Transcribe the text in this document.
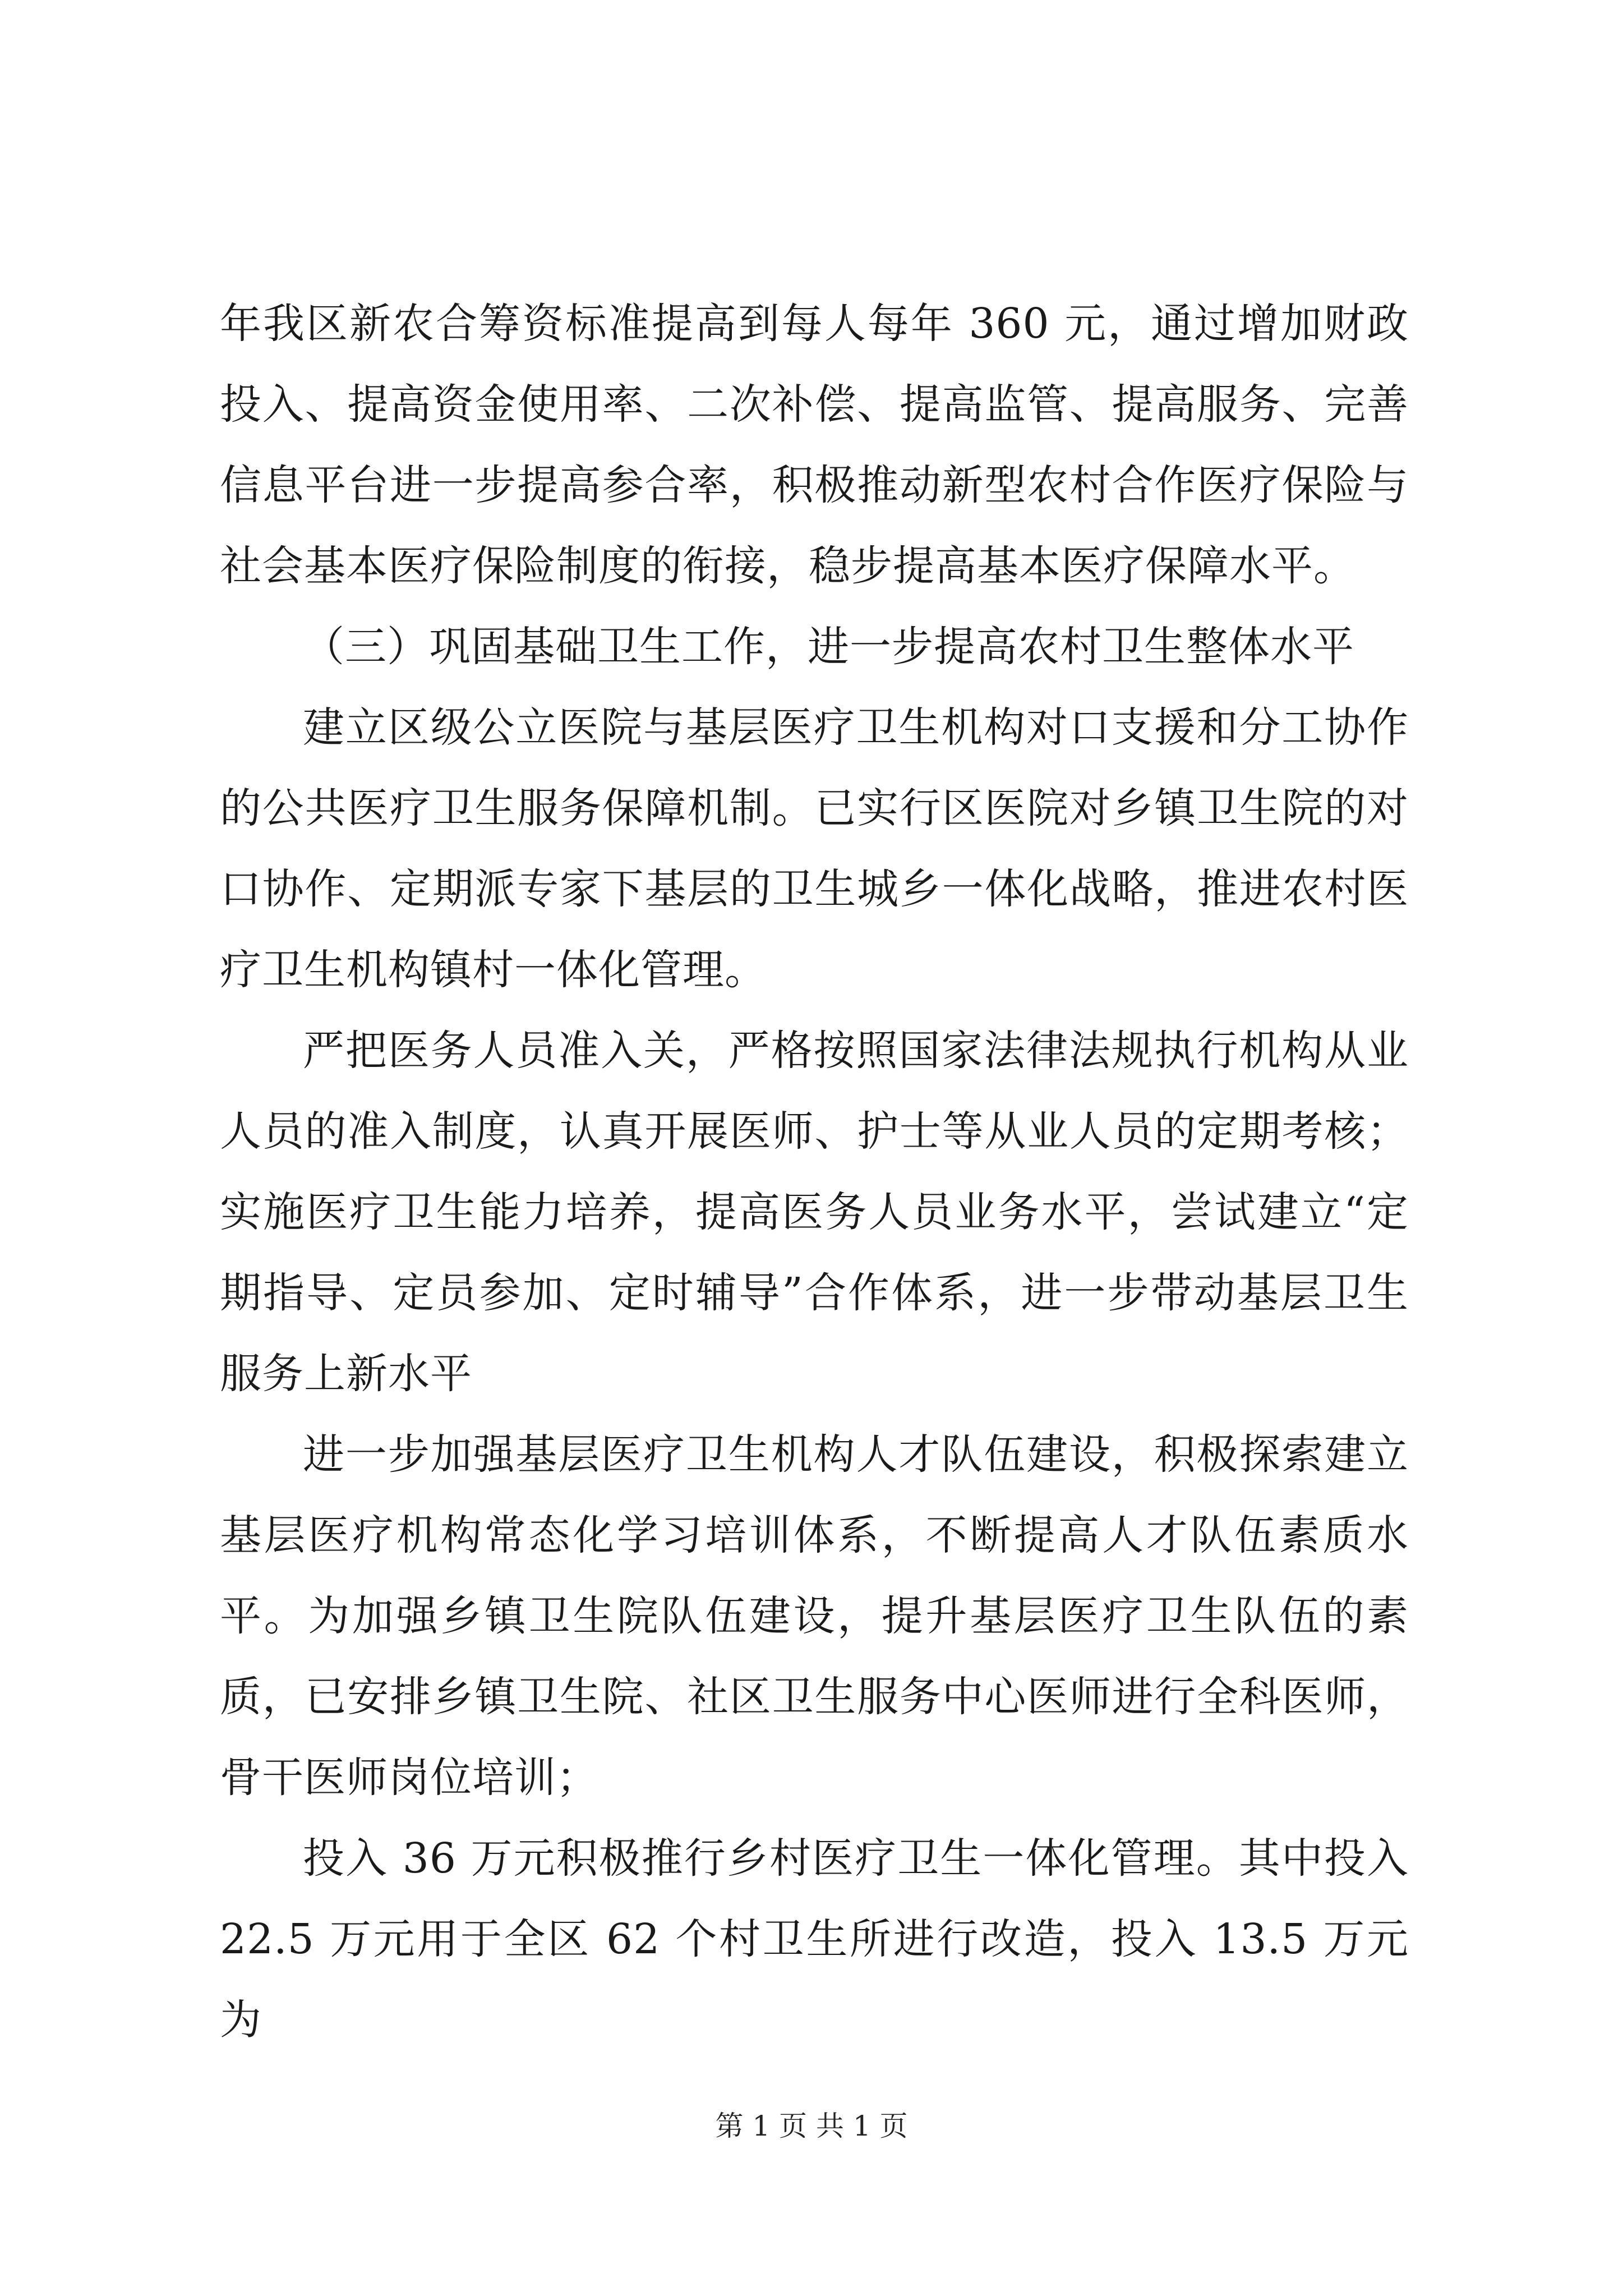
年我区新农合筹资标准提高到每人每年 360 元，通过增加财政投入、提高资金使用率、二次补偿、提高监管、提高服务、完善信息平台进一步提高参合率，积极推动新型农村合作医疗保险与社会基本医疗保险制度的衔接，稳步提高基本医疗保障水平。

（三）巩固基础卫生工作，进一步提高农村卫生整体水平

建立区级公立医院与基层医疗卫生机构对口支援和分工协作的公共医疗卫生服务保障机制。已实行区医院对乡镇卫生院的对口协作、定期派专家下基层的卫生城乡一体化战略，推进农村医疗卫生机构镇村一体化管理。

严把医务人员准入关，严格按照国家法律法规执行机构从业人员的准入制度，认真开展医师、护士等从业人员的定期考核；实施医疗卫生能力培养，提高医务人员业务水平，尝试建立“定期指导、定员参加、定时辅导”合作体系，进一步带动基层卫生服务上新水平

进一步加强基层医疗卫生机构人才队伍建设，积极探索建立基层医疗机构常态化学习培训体系，不断提高人才队伍素质水平。为加强乡镇卫生院队伍建设，提升基层医疗卫生队伍的素质，已安排乡镇卫生院、社区卫生服务中心医师进行全科医师，骨干医师岗位培训；

投入 36 万元积极推行乡村医疗卫生一体化管理。其中投入 22.5 万元用于全区 62 个村卫生所进行改造，投入 13.5 万元为

第 1 页 共 1 页
